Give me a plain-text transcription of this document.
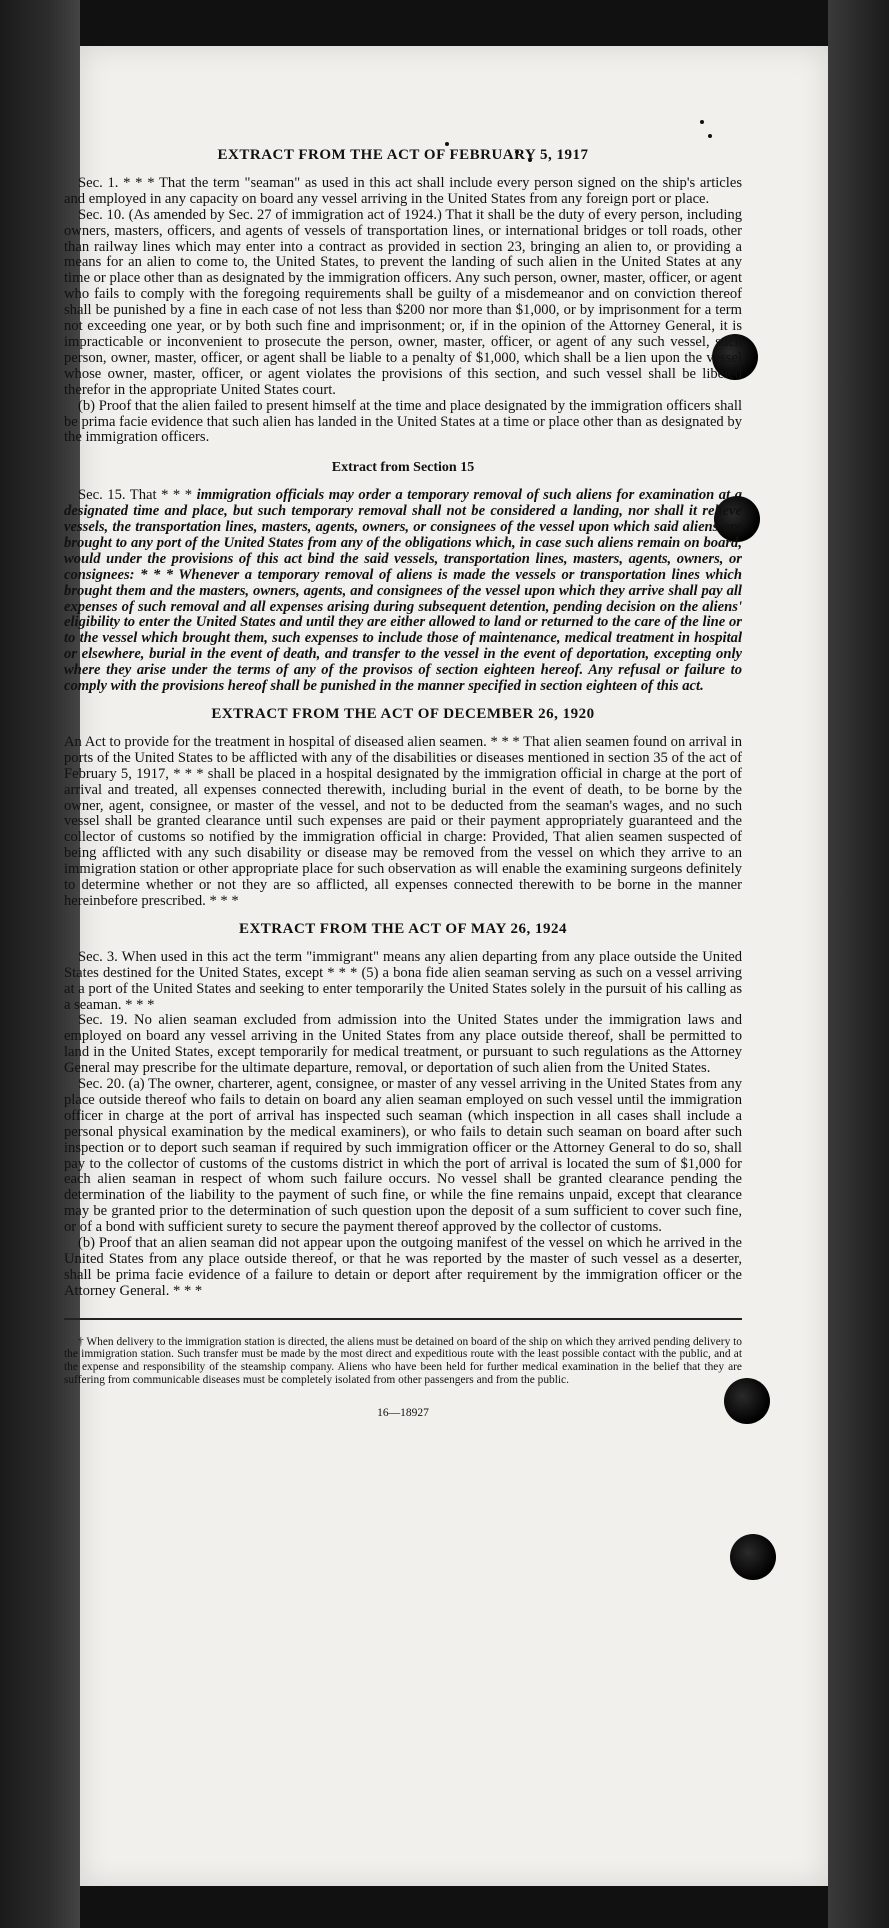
EXTRACT FROM THE ACT OF FEBRUARY 5, 1917

Sec. 1. * * * That the term "seaman" as used in this act shall include every person signed on the ship's articles and employed in any capacity on board any vessel arriving in the United States from any foreign port or place.

Sec. 10. (As amended by Sec. 27 of immigration act of 1924.) That it shall be the duty of every person, including owners, masters, officers, and agents of vessels of transportation lines, or international bridges or toll roads, other than railway lines which may enter into a contract as provided in section 23, bringing an alien to, or providing a means for an alien to come to, the United States, to prevent the landing of such alien in the United States at any time or place other than as designated by the immigration officers. Any such person, owner, master, officer, or agent who fails to comply with the foregoing requirements shall be guilty of a misdemeanor and on conviction thereof shall be punished by a fine in each case of not less than $200 nor more than $1,000, or by imprisonment for a term not exceeding one year, or by both such fine and imprisonment; or, if in the opinion of the Attorney General, it is impracticable or inconvenient to prosecute the person, owner, master, officer, or agent of any such vessel, such person, owner, master, officer, or agent shall be liable to a penalty of $1,000, which shall be a lien upon the vessel whose owner, master, officer, or agent violates the provisions of this section, and such vessel shall be libeled therefor in the appropriate United States court.

(b) Proof that the alien failed to present himself at the time and place designated by the immigration officers shall be prima facie evidence that such alien has landed in the United States at a time or place other than as designated by the immigration officers.

Extract from Section 15

Sec. 15. That * * * immigration officials may order a temporary removal of such aliens for examination at a designated time and place, but such temporary removal shall not be considered a landing, nor shall it relieve vessels, the transportation lines, masters, agents, owners, or consignees of the vessel upon which said aliens are brought to any port of the United States from any of the obligations which, in case such aliens remain on board, would under the provisions of this act bind the said vessels, transportation lines, masters, agents, owners, or consignees: * * * Whenever a temporary removal of aliens is made the vessels or transportation lines which brought them and the masters, owners, agents, and consignees of the vessel upon which they arrive shall pay all expenses of such removal and all expenses arising during subsequent detention, pending decision on the aliens' eligibility to enter the United States and until they are either allowed to land or returned to the care of the line or to the vessel which brought them, such expenses to include those of maintenance, medical treatment in hospital or elsewhere, burial in the event of death, and transfer to the vessel in the event of deportation, excepting only where they arise under the terms of any of the provisos of section eighteen hereof. Any refusal or failure to comply with the provisions hereof shall be punished in the manner specified in section eighteen of this act.

EXTRACT FROM THE ACT OF DECEMBER 26, 1920

An Act to provide for the treatment in hospital of diseased alien seamen. * * * That alien seamen found on arrival in ports of the United States to be afflicted with any of the disabilities or diseases mentioned in section 35 of the act of February 5, 1917, * * * shall be placed in a hospital designated by the immigration official in charge at the port of arrival and treated, all expenses connected therewith, including burial in the event of death, to be borne by the owner, agent, consignee, or master of the vessel, and not to be deducted from the seaman's wages, and no such vessel shall be granted clearance until such expenses are paid or their payment appropriately guaranteed and the collector of customs so notified by the immigration official in charge: Provided, That alien seamen suspected of being afflicted with any such disability or disease may be removed from the vessel on which they arrive to an immigration station or other appropriate place for such observation as will enable the examining surgeons definitely to determine whether or not they are so afflicted, all expenses connected therewith to be borne in the manner hereinbefore prescribed. * * *

EXTRACT FROM THE ACT OF MAY 26, 1924

Sec. 3. When used in this act the term "immigrant" means any alien departing from any place outside the United States destined for the United States, except * * * (5) a bona fide alien seaman serving as such on a vessel arriving at a port of the United States and seeking to enter temporarily the United States solely in the pursuit of his calling as a seaman. * * *

Sec. 19. No alien seaman excluded from admission into the United States under the immigration laws and employed on board any vessel arriving in the United States from any place outside thereof, shall be permitted to land in the United States, except temporarily for medical treatment, or pursuant to such regulations as the Attorney General may prescribe for the ultimate departure, removal, or deportation of such alien from the United States.

Sec. 20. (a) The owner, charterer, agent, consignee, or master of any vessel arriving in the United States from any place outside thereof who fails to detain on board any alien seaman employed on such vessel until the immigration officer in charge at the port of arrival has inspected such seaman (which inspection in all cases shall include a personal physical examination by the medical examiners), or who fails to detain such seaman on board after such inspection or to deport such seaman if required by such immigration officer or the Attorney General to do so, shall pay to the collector of customs of the customs district in which the port of arrival is located the sum of $1,000 for each alien seaman in respect of whom such failure occurs. No vessel shall be granted clearance pending the determination of the liability to the payment of such fine, or while the fine remains unpaid, except that clearance may be granted prior to the determination of such question upon the deposit of a sum sufficient to cover such fine, or of a bond with sufficient surety to secure the payment thereof approved by the collector of customs.

(b) Proof that an alien seaman did not appear upon the outgoing manifest of the vessel on which he arrived in the United States from any place outside thereof, or that he was reported by the master of such vessel as a deserter, shall be prima facie evidence of a failure to detain or deport after requirement by the immigration officer or the Attorney General. * * *

† When delivery to the immigration station is directed, the aliens must be detained on board of the ship on which they arrived pending delivery to the immigration station. Such transfer must be made by the most direct and expeditious route with the least possible contact with the public, and at the expense and responsibility of the steamship company. Aliens who have been held for further medical examination in the belief that they are suffering from communicable diseases must be completely isolated from other passengers and from the public.

16—18927
